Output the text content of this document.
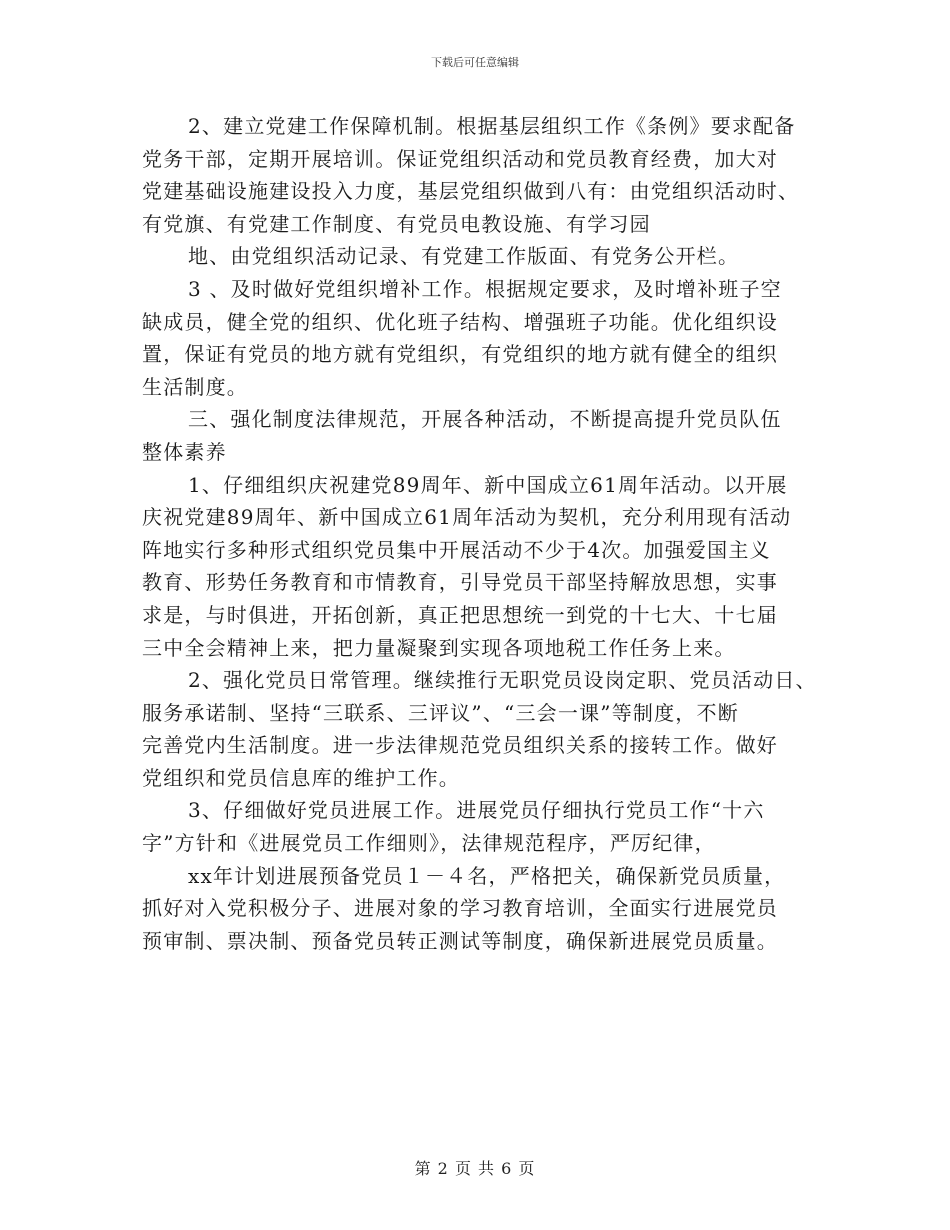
下载后可任意编辑
2、建立党建工作保障机制。根据基层组织工作《条例》要求配备
党务干部，定期开展培训。保证党组织活动和党员教育经费，加大对
党建基础设施建设投入力度，基层党组织做到八有：由党组织活动时、
有党旗、有党建工作制度、有党员电教设施、有学习园
地、由党组织活动记录、有党建工作版面、有党务公开栏。
3 、及时做好党组织增补工作。根据规定要求，及时增补班子空
缺成员，健全党的组织、优化班子结构、增强班子功能。优化组织设
置，保证有党员的地方就有党组织，有党组织的地方就有健全的组织
生活制度。
三、强化制度法律规范，开展各种活动，不断提高提升党员队伍
整体素养
1、仔细组织庆祝建党89周年、新中国成立61周年活动。以开展
庆祝党建89周年、新中国成立61周年活动为契机，充分利用现有活动
阵地实行多种形式组织党员集中开展活动不少于4次。加强爱国主义
教育、形势任务教育和市情教育，引导党员干部坚持解放思想，实事
求是，与时俱进，开拓创新，真正把思想统一到党的十七大、十七届
三中全会精神上来，把力量凝聚到实现各项地税工作任务上来。
2、强化党员日常管理。继续推行无职党员设岗定职、党员活动日、
服务承诺制、坚持“三联系、三评议”、“三会一课”等制度，不断
完善党内生活制度。进一步法律规范党员组织关系的接转工作。做好
党组织和党员信息库的维护工作。
3、仔细做好党员进展工作。进展党员仔细执行党员工作“十六
字”方针和《进展党员工作细则》，法律规范程序，严厉纪律，
xx年计划进展预备党员１－４名，严格把关，确保新党员质量，
抓好对入党积极分子、进展对象的学习教育培训，全面实行进展党员
预审制、票决制、预备党员转正测试等制度，确保新进展党员质量。
第 2 页 共 6 页
